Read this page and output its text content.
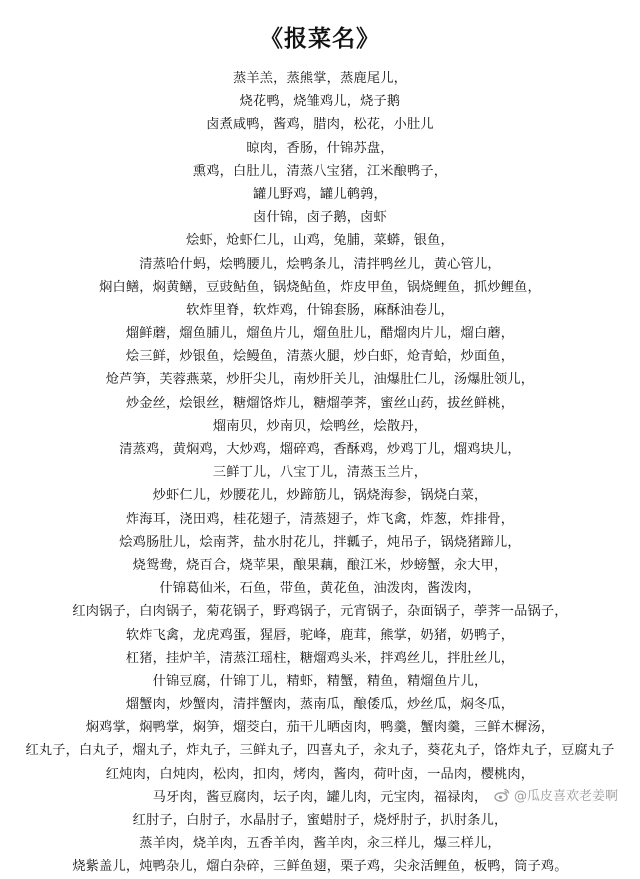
《报菜名》
蒸羊羔，蒸熊掌，蒸鹿尾儿，
烧花鸭，烧雏鸡儿，烧子鹅
卤煮咸鸭，酱鸡，腊肉，松花，小肚儿
晾肉，香肠，什锦苏盘，
熏鸡，白肚儿，清蒸八宝猪，江米酿鸭子，
罐儿野鸡，罐儿鹌鹑，
卤什锦，卤子鹅，卤虾
烩虾，炝虾仁儿，山鸡，兔脯，菜蟒，银鱼，
清蒸哈什蚂，烩鸭腰儿，烩鸭条儿，清拌鸭丝儿，黄心管儿，
焖白鳝，焖黄鳝，豆豉鲇鱼，锅烧鲇鱼，炸皮甲鱼，锅烧鲤鱼，抓炒鲤鱼，
软炸里脊，软炸鸡，什锦套肠，麻酥油卷儿，
熘鲜蘑，熘鱼脯儿，熘鱼片儿，熘鱼肚儿，醋熘肉片儿，熘白蘑，
烩三鲜，炒银鱼，烩鳗鱼，清蒸火腿，炒白虾，炝青蛤，炒面鱼，
炝芦笋，芙蓉燕菜，炒肝尖儿，南炒肝关儿，油爆肚仁儿，汤爆肚领儿，
炒金丝，烩银丝，糖熘饹炸儿，糖熘荸荠，蜜丝山药，拔丝鲜桃，
熘南贝，炒南贝，烩鸭丝，烩散丹，
清蒸鸡，黄焖鸡，大炒鸡，熘碎鸡，香酥鸡，炒鸡丁儿，熘鸡块儿，
三鲜丁儿，八宝丁儿，清蒸玉兰片，
炒虾仁儿，炒腰花儿，炒蹄筋儿，锅烧海参，锅烧白菜，
炸海耳，浇田鸡，桂花翅子，清蒸翅子，炸飞禽，炸葱，炸排骨，
烩鸡肠肚儿，烩南荠，盐水肘花儿，拌瓤子，炖吊子，锅烧猪蹄儿，
烧鸳鸯，烧百合，烧苹果，酿果藕，酿江米，炒螃蟹，汆大甲，
什锦葛仙米，石鱼，带鱼，黄花鱼，油泼肉，酱泼肉，
红肉锅子，白肉锅子，菊花锅子，野鸡锅子，元宵锅子，杂面锅子，荸荠一品锅子，
软炸飞禽，龙虎鸡蛋，猩唇，驼峰，鹿茸，熊掌，奶猪，奶鸭子，
杠猪，挂炉羊，清蒸江瑶柱，糖熘鸡头米，拌鸡丝儿，拌肚丝儿，
什锦豆腐，什锦丁儿，精虾，精蟹，精鱼，精熘鱼片儿，
熘蟹肉，炒蟹肉，清拌蟹肉，蒸南瓜，酿倭瓜，炒丝瓜，焖冬瓜，
焖鸡掌，焖鸭掌，焖笋，熘茭白，茄干儿晒卤肉，鸭羹，蟹肉羹，三鲜木樨汤，
红丸子，白丸子，熘丸子，炸丸子，三鲜丸子，四喜丸子，汆丸子，葵花丸子，饹炸丸子，豆腐丸子
红炖肉，白炖肉，松肉，扣肉，烤肉，酱肉，荷叶卤，一品肉，樱桃肉，
马牙肉，酱豆腐肉，坛子肉，罐儿肉，元宝肉，福禄肉，
红肘子，白肘子，水晶肘子，蜜蜡肘子，烧烀肘子，扒肘条儿，
蒸羊肉，烧羊肉，五香羊肉，酱羊肉，汆三样儿，爆三样儿，
烧紫盖儿，炖鸭杂儿，熘白杂碎，三鲜鱼翅，栗子鸡，尖汆活鲤鱼，板鸭，筒子鸡。
@瓜皮喜欢老姜啊
